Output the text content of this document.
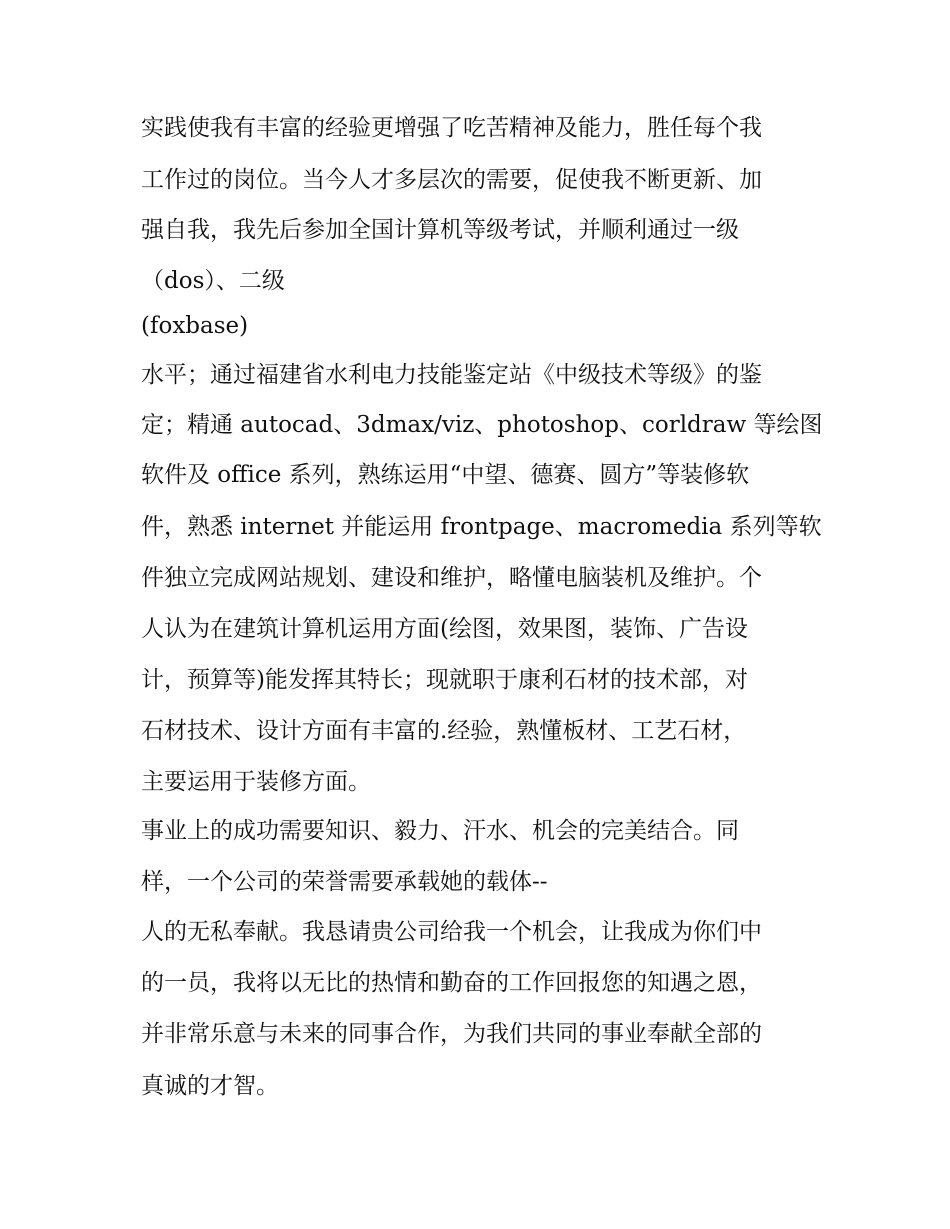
实践使我有丰富的经验更增强了吃苦精神及能力，胜任每个我
工作过的岗位。当今人才多层次的需要，促使我不断更新、加
强自我，我先后参加全国计算机等级考试，并顺利通过一级
（dos）、二级
(foxbase)
水平；通过福建省水利电力技能鉴定站《中级技术等级》的鉴
定；精通 autocad、3dmax/viz、photoshop、corldraw 等绘图
软件及 office 系列，熟练运用“中望、德赛、圆方”等装修软
件，熟悉 internet 并能运用 frontpage、macromedia 系列等软
件独立完成网站规划、建设和维护，略懂电脑装机及维护。个
人认为在建筑计算机运用方面(绘图，效果图，装饰、广告设
计，预算等)能发挥其特长；现就职于康利石材的技术部，对
石材技术、设计方面有丰富的.经验，熟懂板材、工艺石材，
主要运用于装修方面。
事业上的成功需要知识、毅力、汗水、机会的完美结合。同
样，一个公司的荣誉需要承载她的载体--
人的无私奉献。我恳请贵公司给我一个机会，让我成为你们中
的一员，我将以无比的热情和勤奋的工作回报您的知遇之恩，
并非常乐意与未来的同事合作，为我们共同的事业奉献全部的
真诚的才智。
